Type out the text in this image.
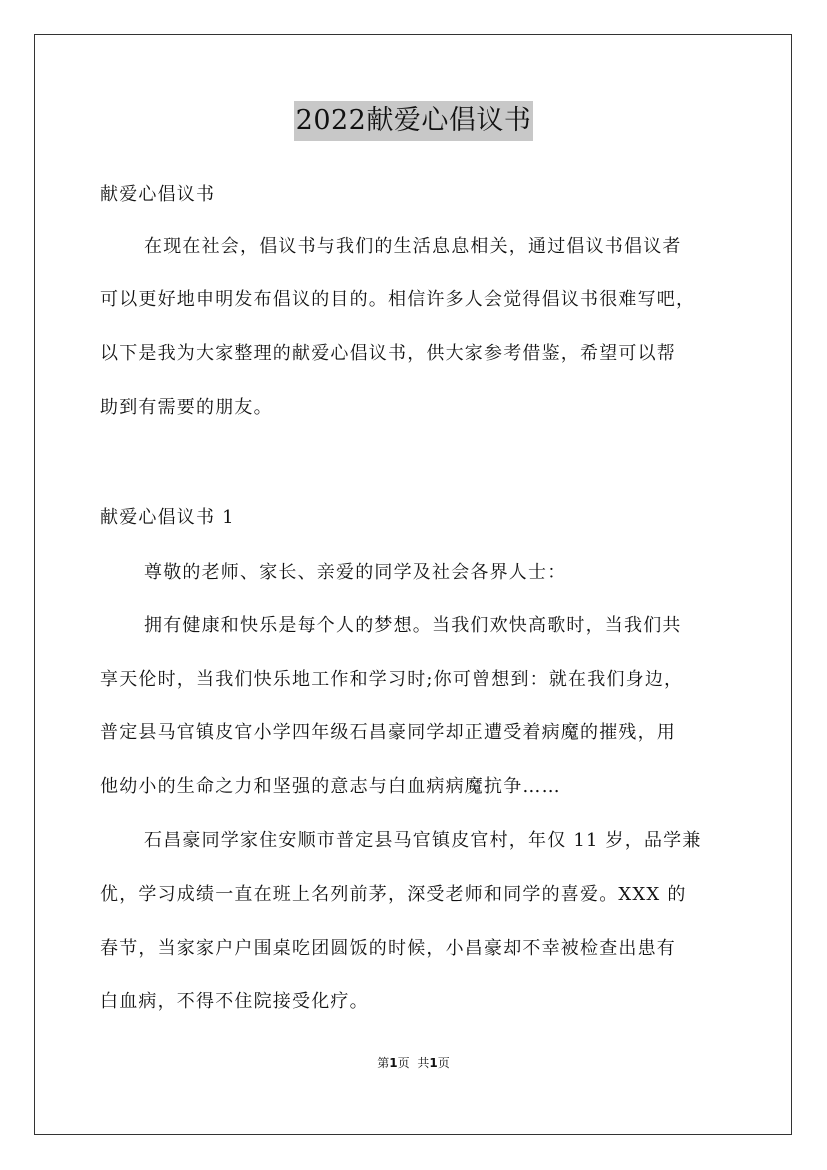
2022献爱心倡议书
献爱心倡议书
在现在社会，倡议书与我们的生活息息相关，通过倡议书倡议者
可以更好地申明发布倡议的目的。相信许多人会觉得倡议书很难写吧，
以下是我为大家整理的献爱心倡议书，供大家参考借鉴，希望可以帮
助到有需要的朋友。
献爱心倡议书 1
尊敬的老师、家长、亲爱的同学及社会各界人士：
拥有健康和快乐是每个人的梦想。当我们欢快高歌时，当我们共
享天伦时，当我们快乐地工作和学习时;你可曾想到：就在我们身边，
普定县马官镇皮官小学四年级石昌豪同学却正遭受着病魔的摧残，用
他幼小的生命之力和坚强的意志与白血病病魔抗争……
石昌豪同学家住安顺市普定县马官镇皮官村，年仅 11 岁，品学兼
优，学习成绩一直在班上名列前茅，深受老师和同学的喜爱。XXX 的
春节，当家家户户围桌吃团圆饭的时候，小昌豪却不幸被检查出患有
白血病，不得不住院接受化疗。
第1页 共1页
